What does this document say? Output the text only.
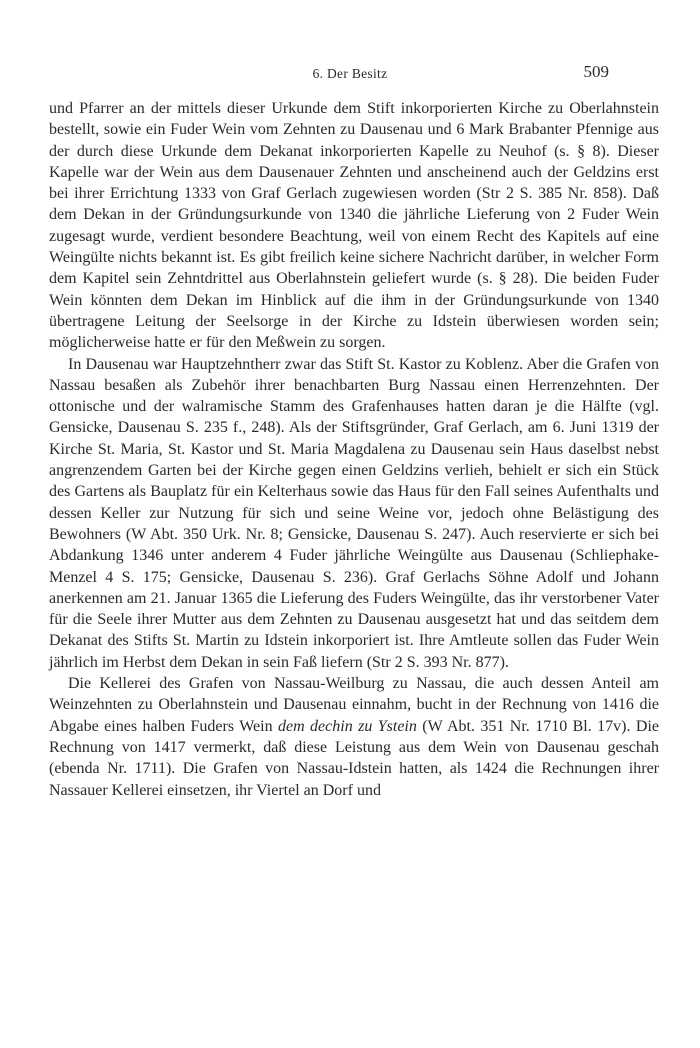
6. Der Besitz	509

und Pfarrer an der mittels dieser Urkunde dem Stift inkorporierten Kirche zu Oberlahnstein bestellt, sowie ein Fuder Wein vom Zehnten zu Dausenau und 6 Mark Brabanter Pfennige aus der durch diese Urkunde dem Dekanat inkorporierten Kapelle zu Neuhof (s. § 8). Dieser Kapelle war der Wein aus dem Dausenauer Zehnten und anscheinend auch der Geldzins erst bei ihrer Errichtung 1333 von Graf Gerlach zugewiesen worden (Str 2 S. 385 Nr. 858). Daß dem Dekan in der Gründungsurkunde von 1340 die jährliche Lieferung von 2 Fuder Wein zugesagt wurde, verdient besondere Beachtung, weil von einem Recht des Kapitels auf eine Weingülte nichts bekannt ist. Es gibt freilich keine sichere Nachricht darüber, in welcher Form dem Kapitel sein Zehntdrittel aus Oberlahnstein geliefert wurde (s. § 28). Die beiden Fuder Wein könnten dem Dekan im Hinblick auf die ihm in der Gründungsurkunde von 1340 übertragene Leitung der Seelsorge in der Kirche zu Idstein überwiesen worden sein; möglicherweise hatte er für den Meßwein zu sorgen.

In Dausenau war Hauptzehntherr zwar das Stift St. Kastor zu Koblenz. Aber die Grafen von Nassau besaßen als Zubehör ihrer benachbarten Burg Nassau einen Herrenzehnten. Der ottonische und der walramische Stamm des Grafenhauses hatten daran je die Hälfte (vgl. Gensicke, Dausenau S. 235 f., 248). Als der Stiftsgründer, Graf Gerlach, am 6. Juni 1319 der Kirche St. Maria, St. Kastor und St. Maria Magdalena zu Dausenau sein Haus daselbst nebst angrenzendem Garten bei der Kirche gegen einen Geldzins verlieh, behielt er sich ein Stück des Gartens als Bauplatz für ein Kelterhaus sowie das Haus für den Fall seines Aufenthalts und dessen Keller zur Nutzung für sich und seine Weine vor, jedoch ohne Belästigung des Bewohners (W Abt. 350 Urk. Nr. 8; Gensicke, Dausenau S. 247). Auch reservierte er sich bei Abdankung 1346 unter anderem 4 Fuder jährliche Weingülte aus Dausenau (Schliephake-Menzel 4 S. 175; Gensicke, Dausenau S. 236). Graf Gerlachs Söhne Adolf und Johann anerkennen am 21. Januar 1365 die Lieferung des Fuders Weingülte, das ihr verstorbener Vater für die Seele ihrer Mutter aus dem Zehnten zu Dausenau ausgesetzt hat und das seitdem dem Dekanat des Stifts St. Martin zu Idstein inkorporiert ist. Ihre Amtleute sollen das Fuder Wein jährlich im Herbst dem Dekan in sein Faß liefern (Str 2 S. 393 Nr. 877).

Die Kellerei des Grafen von Nassau-Weilburg zu Nassau, die auch dessen Anteil am Weinzehnten zu Oberlahnstein und Dausenau einnahm, bucht in der Rechnung von 1416 die Abgabe eines halben Fuders Wein dem dechin zu Ystein (W Abt. 351 Nr. 1710 Bl. 17v). Die Rechnung von 1417 vermerkt, daß diese Leistung aus dem Wein von Dausenau geschah (ebenda Nr. 1711). Die Grafen von Nassau-Idstein hatten, als 1424 die Rechnungen ihrer Nassauer Kellerei einsetzen, ihr Viertel an Dorf und
